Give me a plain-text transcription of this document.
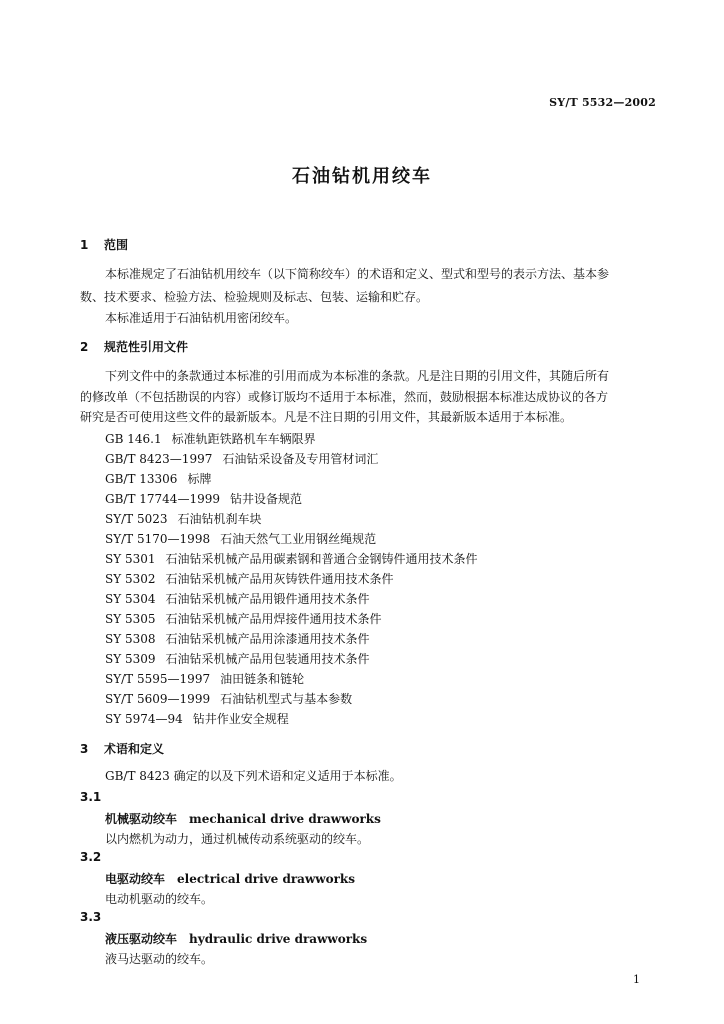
SY/T 5532—2002
石油钻机用绞车
1 范围
本标准规定了石油钻机用绞车（以下简称绞车）的术语和定义、型式和型号的表示方法、基本参
数、技术要求、检验方法、检验规则及标志、包装、运输和贮存。
本标准适用于石油钻机用密闭绞车。
2 规范性引用文件
下列文件中的条款通过本标准的引用而成为本标准的条款。凡是注日期的引用文件，其随后所有
的修改单（不包括勘误的内容）或修订版均不适用于本标准，然而，鼓励根据本标准达成协议的各方
研究是否可使用这些文件的最新版本。凡是不注日期的引用文件，其最新版本适用于本标准。
GB 146.1 标准轨距铁路机车车辆限界
GB/T 8423—1997 石油钻采设备及专用管材词汇
GB/T 13306 标牌
GB/T 17744—1999 钻井设备规范
SY/T 5023 石油钻机刹车块
SY/T 5170—1998 石油天然气工业用钢丝绳规范
SY 5301 石油钻采机械产品用碳素钢和普通合金钢铸件通用技术条件
SY 5302 石油钻采机械产品用灰铸铁件通用技术条件
SY 5304 石油钻采机械产品用锻件通用技术条件
SY 5305 石油钻采机械产品用焊接件通用技术条件
SY 5308 石油钻采机械产品用涂漆通用技术条件
SY 5309 石油钻采机械产品用包装通用技术条件
SY/T 5595—1997 油田链条和链轮
SY/T 5609—1999 石油钻机型式与基本参数
SY 5974—94 钻井作业安全规程
3 术语和定义
GB/T 8423 确定的以及下列术语和定义适用于本标准。
3.1
机械驱动绞车 mechanical drive drawworks
以内燃机为动力，通过机械传动系统驱动的绞车。
3.2
电驱动绞车 electrical drive drawworks
电动机驱动的绞车。
3.3
液压驱动绞车 hydraulic drive drawworks
液马达驱动的绞车。
1
